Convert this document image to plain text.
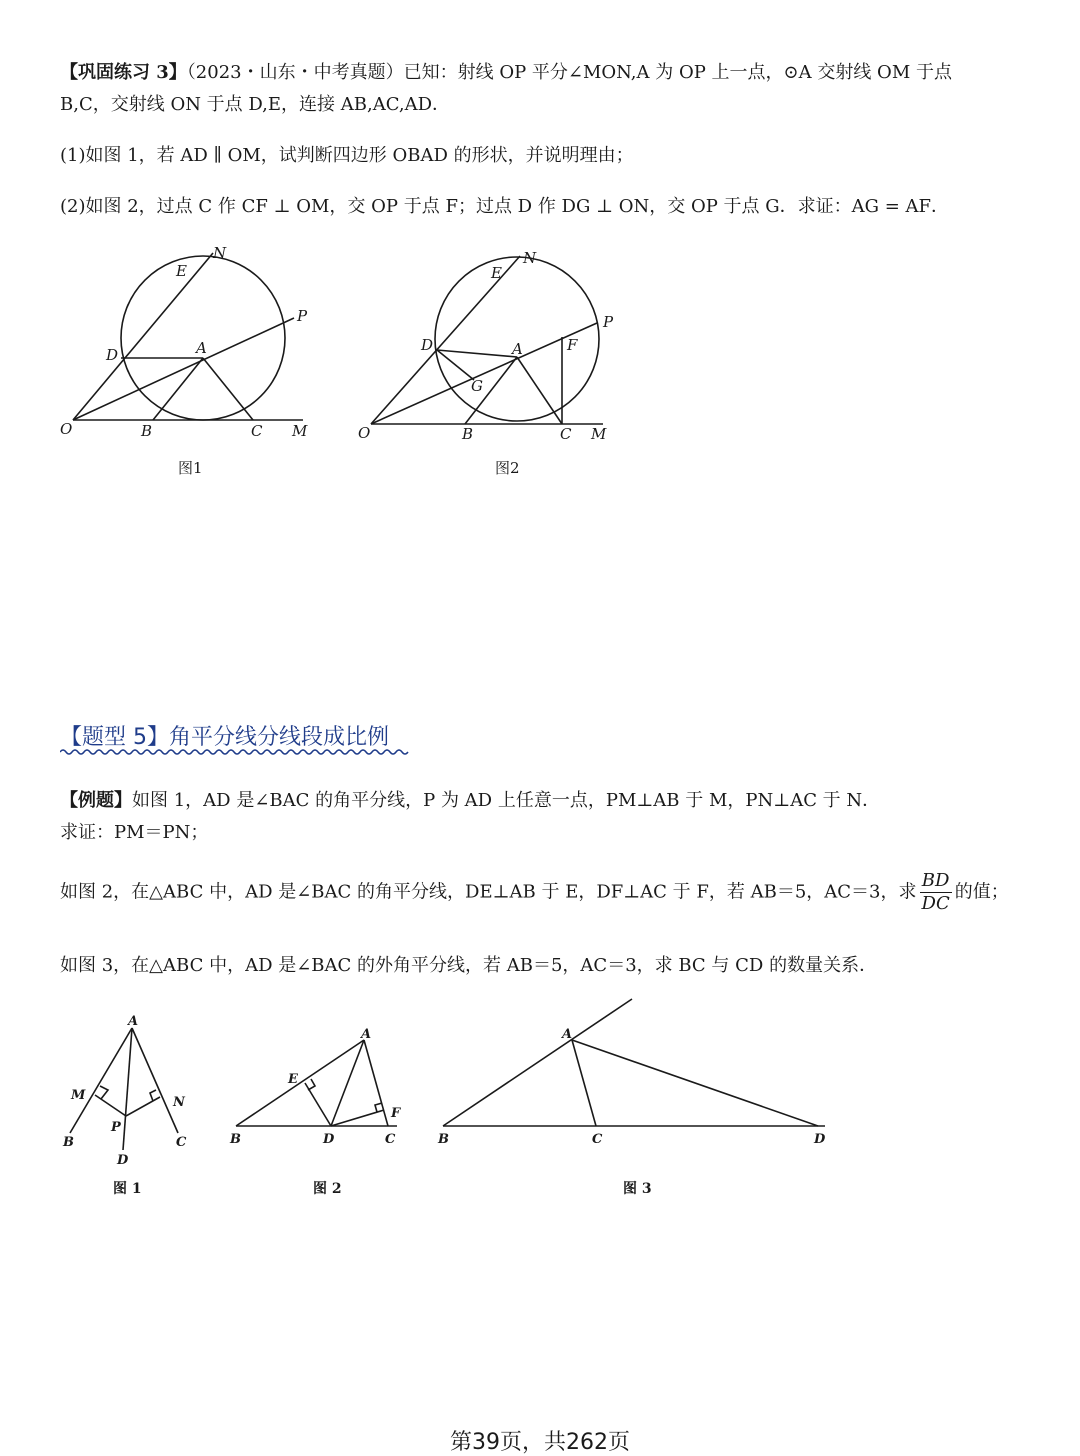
【巩固练习 3】（2023・山东・中考真题）已知：射线 OP 平分∠MON,A 为 OP 上一点，⊙A 交射线 OM 于点
B,C，交射线 ON 于点 D,E，连接 AB,AC,AD．
(1)如图 1，若 AD ∥ OM，试判断四边形 OBAD 的形状，并说明理由；
(2)如图 2，过点 C 作 CF ⊥ OM，交 OP 于点 F；过点 D 作 DG ⊥ ON，交 OP 于点 G．求证：AG = AF．
O	B	C M
D	A
E
N
P
图1
O	B	C M
D	A
E
N
P
F
G
图2
【题型 5】角平分线分线段成比例
【例题】如图 1，AD 是∠BAC 的角平分线，P 为 AD 上任意一点，PM⊥AB 于 M，PN⊥AC 于 N．
求证：PM＝PN；
如图 2，在△ABC 中，AD 是∠BAC 的角平分线，DE⊥AB 于 E，DF⊥AC 于 F，若 AB＝5，AC＝3，求 $\frac{BD}{DC}$ 的值；
如图 3，在△ABC 中，AD 是∠BAC 的外角平分线，若 AB＝5，AC＝3，求 BC 与 CD 的数量关系．
A
M	N
P
B	C
D
图 1
A
E
F
B	D	C
图 2
A
B	C	D
图 3
第39页，共262页
